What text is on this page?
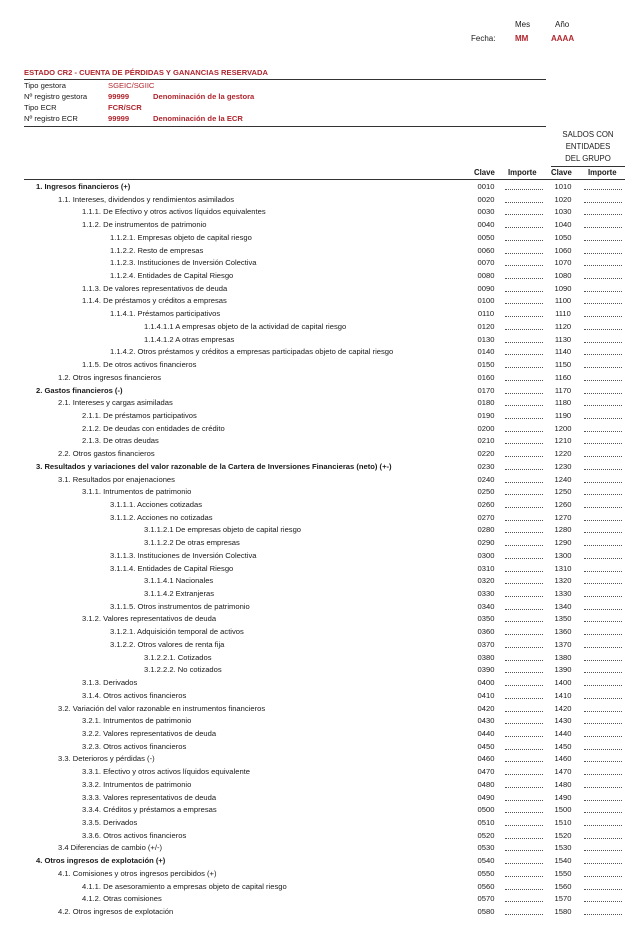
Mes	Año
Fecha: MM	AAAA
ESTADO CR2 - CUENTA DE PÉRDIDAS Y GANANCIAS RESERVADA
Tipo gestora	SGEIC/SGIIC
Nº registro gestora	99999	Denominación de la gestora
Tipo ECR	FCR/SCR
Nº registro ECR	99999	Denominación de la ECR
SALDOS CON
ENTIDADES
DEL GRUPO
Clave Importe Clave Importe
1. Ingresos financieros (+)	0010	1010
1.1. Intereses, dividendos y rendimientos asimilados	0020	1020
1.1.1. De Efectivo y otros activos líquidos equivalentes	0030	1030
1.1.2. De instrumentos de patrimonio	0040	1040
1.1.2.1. Empresas objeto de capital riesgo	0050	1050
1.1.2.2. Resto de empresas	0060	1060
1.1.2.3. Instituciones de Inversión Colectiva	0070	1070
1.1.2.4. Entidades de Capital Riesgo	0080	1080
1.1.3. De valores representativos de deuda	0090	1090
1.1.4. De préstamos y créditos a empresas	0100	1100
1.1.4.1. Préstamos participativos	0110	1110
1.1.4.1.1 A empresas objeto de la actividad de capital riesgo	0120	1120
1.1.4.1.2 A otras empresas	0130	1130
1.1.4.2. Otros préstamos y créditos a empresas participadas objeto de capital riesgo	0140	1140
1.1.5. De otros activos financieros	0150	1150
1.2. Otros ingresos financieros	0160	1160
2. Gastos financieros (-)	0170	1170
2.1. Intereses y cargas asimiladas	0180	1180
2.1.1. De préstamos participativos	0190	1190
2.1.2. De deudas con entidades de crédito	0200	1200
2.1.3. De otras deudas	0210	1210
2.2. Otros gastos financieros	0220	1220
3. Resultados y variaciones del valor razonable de la Cartera de Inversiones Financieras (neto) (+-)	0230	1230
3.1. Resultados por enajenaciones	0240	1240
3.1.1. Intrumentos de patrimonio	0250	1250
3.1.1.1. Acciones cotizadas	0260	1260
3.1.1.2. Acciones no cotizadas	0270	1270
3.1.1.2.1 De empresas objeto de capital riesgo	0280	1280
3.1.1.2.2 De otras empresas	0290	1290
3.1.1.3. Instituciones de Inversión Colectiva	0300	1300
3.1.1.4. Entidades de Capital Riesgo	0310	1310
3.1.1.4.1 Nacionales	0320	1320
3.1.1.4.2 Extranjeras	0330	1330
3.1.1.5. Otros instrumentos de patrimonio	0340	1340
3.1.2. Valores representativos de deuda	0350	1350
3.1.2.1. Adquisición temporal de activos	0360	1360
3.1.2.2. Otros valores de renta fija	0370	1370
3.1.2.2.1. Cotizados	0380	1380
3.1.2.2.2. No cotizados	0390	1390
3.1.3. Derivados	0400	1400
3.1.4. Otros activos financieros	0410	1410
3.2. Variación del valor razonable en instrumentos financieros	0420	1420
3.2.1. Intrumentos de patrimonio	0430	1430
3.2.2. Valores representativos de deuda	0440	1440
3.2.3. Otros activos financieros	0450	1450
3.3. Deterioros y pérdidas (-)	0460	1460
3.3.1. Efectivo y otros activos líquidos equivalente	0470	1470
3.3.2. Intrumentos de patrimonio	0480	1480
3.3.3. Valores representativos de deuda	0490	1490
3.3.4. Créditos y préstamos a empresas	0500	1500
3.3.5. Derivados	0510	1510
3.3.6. Otros activos financieros	0520	1520
3.4 Diferencias de cambio (+/-)	0530	1530
4. Otros ingresos de explotación (+)	0540	1540
4.1. Comisiones y otros ingresos percibidos (+)	0550	1550
4.1.1. De asesoramiento a empresas objeto de capital riesgo	0560	1560
4.1.2. Otras comisiones	0570	1570
4.2. Otros ingresos de explotación	0580	1580
